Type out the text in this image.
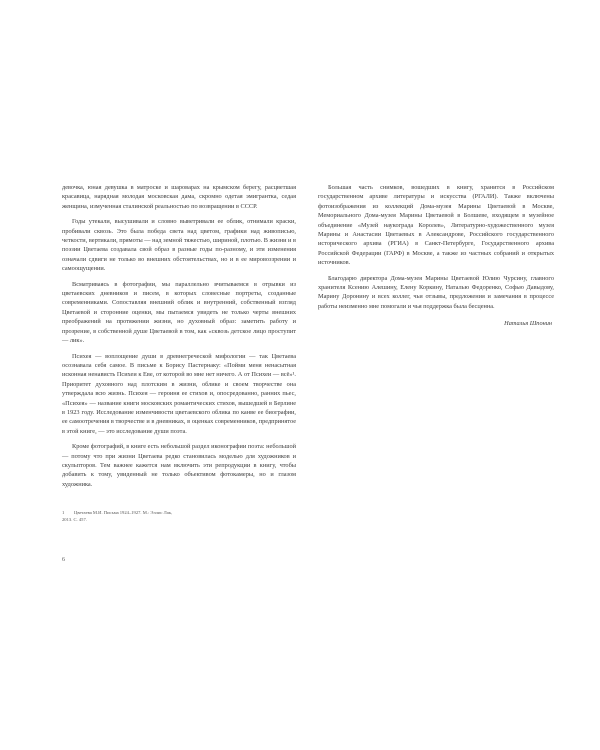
девочка, юная девушка в матроске и шароварах на крымском берегу, расцветшая красавица, нарядная молодая московская дама, скромно одетая эмигрантка, седая женщина, измученная сталинской реальностью по возвращении в СССР.

Годы утекали, высушивали и словно выветривали ее облик, отнимали краски, пробивали сквозь. Это была победа света над цветом, графики над живописью, четкости, вертикали, прямоты — над земной тяжестью, шириной, плотью. В жизни и в поэзии Цветаева создавала свой образ в разные годы по-разному, и эти изменения означали сдвиги не только во внешних обстоятельствах, но и в ее мировоззрении и самоощущении.

Всматриваясь в фотографии, мы параллельно вчитываемся в отрывки из цветаевских дневников и писем, в которых словесные портреты, созданные современниками. Сопоставляя внешний облик и внутренний, собственный взгляд Цветаевой и сторонние оценки, мы пытаемся увидеть не только черты внешних преображений на протяжении жизни, но духовный образ: заметить работу и прозрение, в собственной душе Цветаевой в том, как «сквозь детское лицо проступит — лик».

Психея — воплощение души в древнегреческой мифологии — так Цветаева осознавала себя самое. В письме к Борису Пастернаку: «Пойми меня ненасытная исконная ненависть Психеи к Еве, от которой во мне нет ничего. А от Психеи — всё»¹. Приоритет духовного над плотским в жизни, облике и своем творчестве она утверждала всю жизнь. Психея — героиня ее стихов и, опосредованно, ранних пьес, «Психея» — название книги московских романтических стихов, вышедшей в Берлине в 1923 году. Исследование изменчивости цветаевского облика по канве ее биографии, ее самоотречения в творчестве и в дневниках, в оценках современников, предпринятое в этой книге, — это исследование души поэта.

Кроме фотографий, в книге есть небольшой раздел иконографии поэта: небольшой — потому что при жизни Цветаева редко становилась моделью для художников и скульпторов. Тем важнее кажется нам включить эти репродукции в книгу, чтобы добавить к тому, увиденный не только объективом фотокамеры, но и глазом художника.

Большая часть снимков, вошедших в книгу, хранится в Российском государственном архиве литературы и искусства (РГАЛИ). Также включены фотоизображения из коллекций Дома-музея Марины Цветаевой в Москве, Мемориального Дома-музея Марины Цветаевой в Болшеве, входящем в музейное объединение «Музей наукограда Королев», Литературно-художественного музея Марины и Анастасии Цветаевых в Александрове, Российского государственного исторического архива (РГИА) в Санкт-Петербурге, Государственного архива Российской Федерации (ГАРФ) в Москве, а также из частных собраний и открытых источников.

Благодарю директора Дома-музея Марины Цветаевой Юлию Чурсину, главного хранителя Ксению Алешину, Елену Коркину, Наталью Федоренко, Софью Давыдову, Марину Доронину и всех коллег, чьи отзывы, предложения и замечания в процессе работы неизменно мне помогали и чья поддержка была бесценна.

Наталья Шпонин
1 Цветаева М.И. Письма 1924–1927. М.: Эллис Лак, 2013. С. 457.
6
